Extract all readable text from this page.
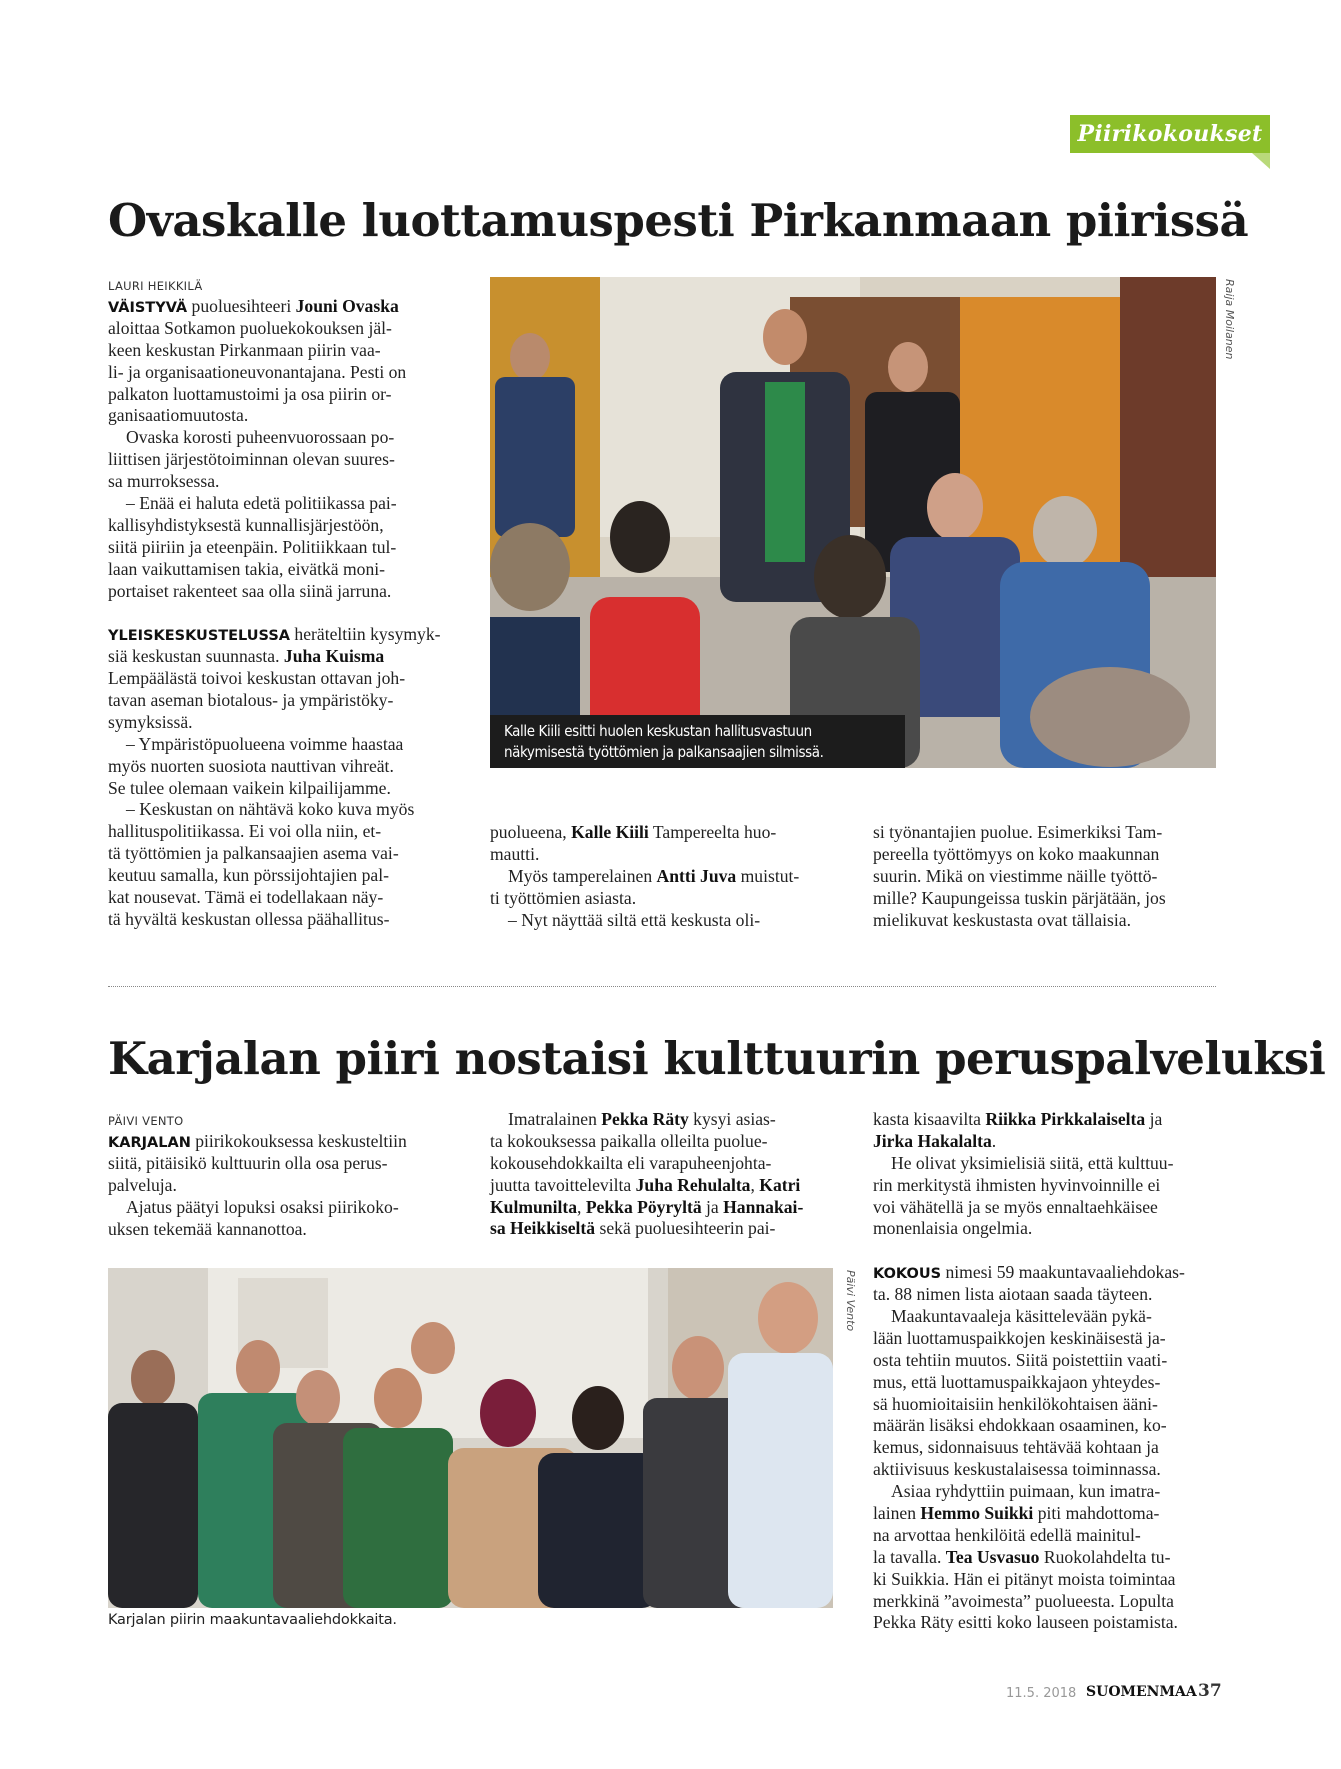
Piirikokoukset
Ovaskalle luottamuspesti Pirkanmaan piirissä
LAURI HEIKKILÄ
VÄISTYVÄ puoluesihteeri Jouni Ovaska
aloittaa Sotkamon puoluekokouksen jäl-
keen keskustan Pirkanmaan piirin vaa-
li- ja organisaationeuvonantajana. Pesti on
palkaton luottamustoimi ja osa piirin or-
ganisaatiomuutosta.
Ovaska korosti puheenvuorossaan po-
liittisen järjestötoiminnan olevan suures-
sa murroksessa.
– Enää ei haluta edetä politiikassa pai-
kallisyhdistyksestä kunnallisjärjestöön,
siitä piiriin ja eteenpäin. Politiikkaan tul-
laan vaikuttamisen takia, eivätkä moni-
portaiset rakenteet saa olla siinä jarruna.
YLEISKESKUSTELUSSA heräteltiin kysymyk-
siä keskustan suunnasta. Juha Kuisma
Lempäälästä toivoi keskustan ottavan joh-
tavan aseman biotalous- ja ympäristöky-
symyksissä.
– Ympäristöpuolueena voimme haastaa
myös nuorten suosiota nauttivan vihreät.
Se tulee olemaan vaikein kilpailijamme.
– Keskustan on nähtävä koko kuva myös
hallituspolitiikassa. Ei voi olla niin, et-
tä työttömien ja palkansaajien asema vai-
keutuu samalla, kun pörssijohtajien pal-
kat nousevat. Tämä ei todellakaan näy-
tä hyvältä keskustan ollessa päähallitus-
Raija Moilanen
Kalle Kiili esitti huolen keskustan hallitusvastuun
näkymisestä työttömien ja palkansaajien silmissä.
puolueena, Kalle Kiili Tampereelta huo-
mautti.
Myös tamperelainen Antti Juva muistut-
ti työttömien asiasta.
– Nyt näyttää siltä että keskusta oli-
si työnantajien puolue. Esimerkiksi Tam-
pereella työttömyys on koko maakunnan
suurin. Mikä on viestimme näille työttö-
mille? Kaupungeissa tuskin pärjätään, jos
mielikuvat keskustasta ovat tällaisia.
Karjalan piiri nostaisi kulttuurin peruspalveluksi
PÄIVI VENTO
KARJALAN piirikokouksessa keskusteltiin
siitä, pitäisikö kulttuurin olla osa perus-
palveluja.
Ajatus päätyi lopuksi osaksi piirikoko-
uksen tekemää kannanottoa.
Imatralainen Pekka Räty kysyi asias-
ta kokouksessa paikalla olleilta puolue-
kokousehdokkailta eli varapuheenjohta-
juutta tavoittelevilta Juha Rehulalta, Katri
Kulmunilta, Pekka Pöyryltä ja Hannakai-
sa Heikkiseltä sekä puoluesihteerin pai-
kasta kisaavilta Riikka Pirkkalaiselta ja
Jirka Hakalalta.
He olivat yksimielisiä siitä, että kulttuu-
rin merkitystä ihmisten hyvinvoinnille ei
voi vähätellä ja se myös ennaltaehkäisee
monenlaisia ongelmia.
KOKOUS nimesi 59 maakuntavaaliehdokas-
ta. 88 nimen lista aiotaan saada täyteen.
Maakuntavaaleja käsittelevään pykä-
lään luottamuspaikkojen keskinäisestä ja-
osta tehtiin muutos. Siitä poistettiin vaati-
mus, että luottamuspaikkajaon yhteydes-
sä huomioitaisiin henkilökohtaisen ääni-
määrän lisäksi ehdokkaan osaaminen, ko-
kemus, sidonnaisuus tehtävää kohtaan ja
aktiivisuus keskustalaisessa toiminnassa.
Asiaa ryhdyttiin puimaan, kun imatra-
lainen Hemmo Suikki piti mahdottoma-
na arvottaa henkilöitä edellä mainitul-
la tavalla. Tea Usvasuo Ruokolahdelta tu-
ki Suikkia. Hän ei pitänyt moista toimintaa
merkkinä ”avoimesta” puolueesta. Lopulta
Pekka Räty esitti koko lauseen poistamista.
Päivi Vento
Karjalan piirin maakuntavaaliehdokkaita.
11.5. 2018 SUOMENMAA 37
